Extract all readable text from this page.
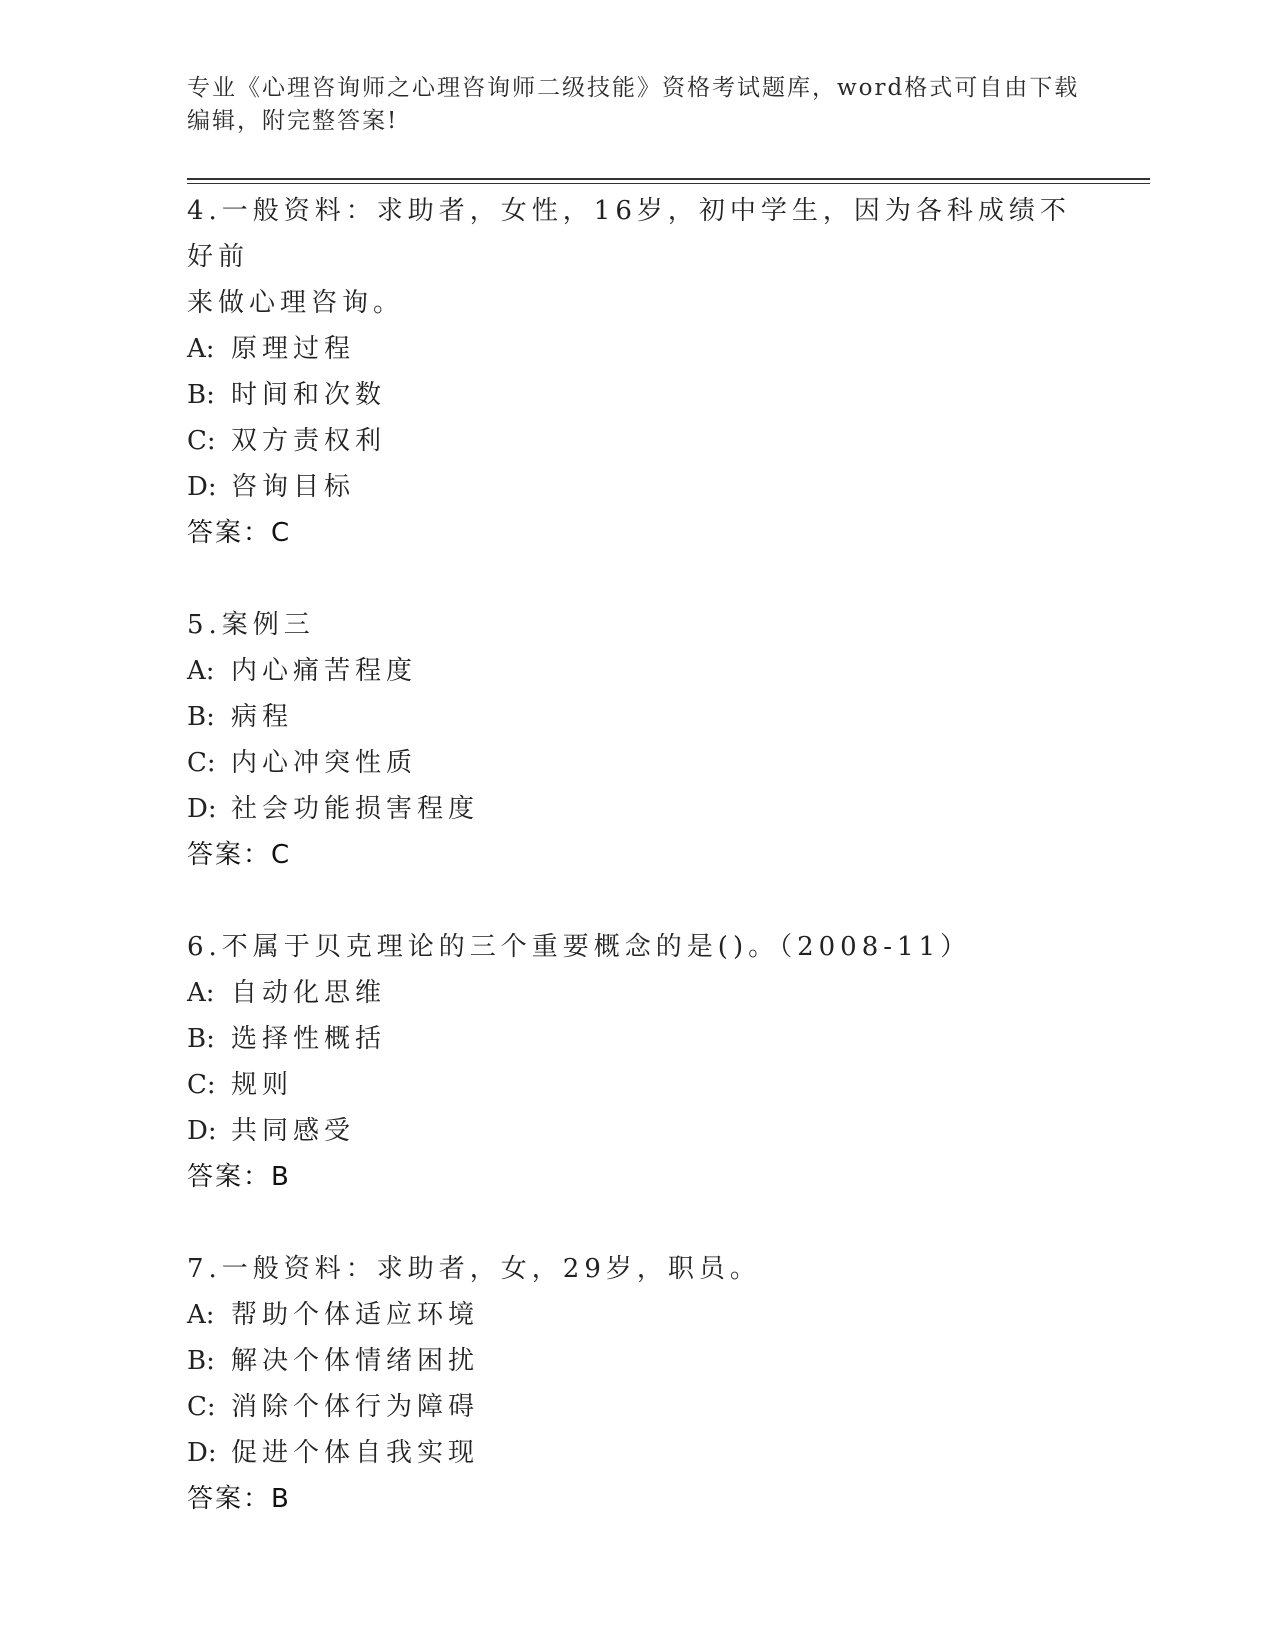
专业《心理咨询师之心理咨询师二级技能》资格考试题库，word格式可自由下载
编辑，附完整答案!
4.一般资料：求助者，女性，16岁，初中学生，因为各科成绩不好前
来做心理咨询。
A: 原理过程
B: 时间和次数
C: 双方责权利
D: 咨询目标
答案：C
5.案例三
A: 内心痛苦程度
B: 病程
C: 内心冲突性质
D: 社会功能损害程度
答案：C
6.不属于贝克理论的三个重要概念的是()。（2008-11）
A: 自动化思维
B: 选择性概括
C: 规则
D: 共同感受
答案：B
7.一般资料：求助者，女，29岁，职员。
A: 帮助个体适应环境
B: 解决个体情绪困扰
C: 消除个体行为障碍
D: 促进个体自我实现
答案：B
